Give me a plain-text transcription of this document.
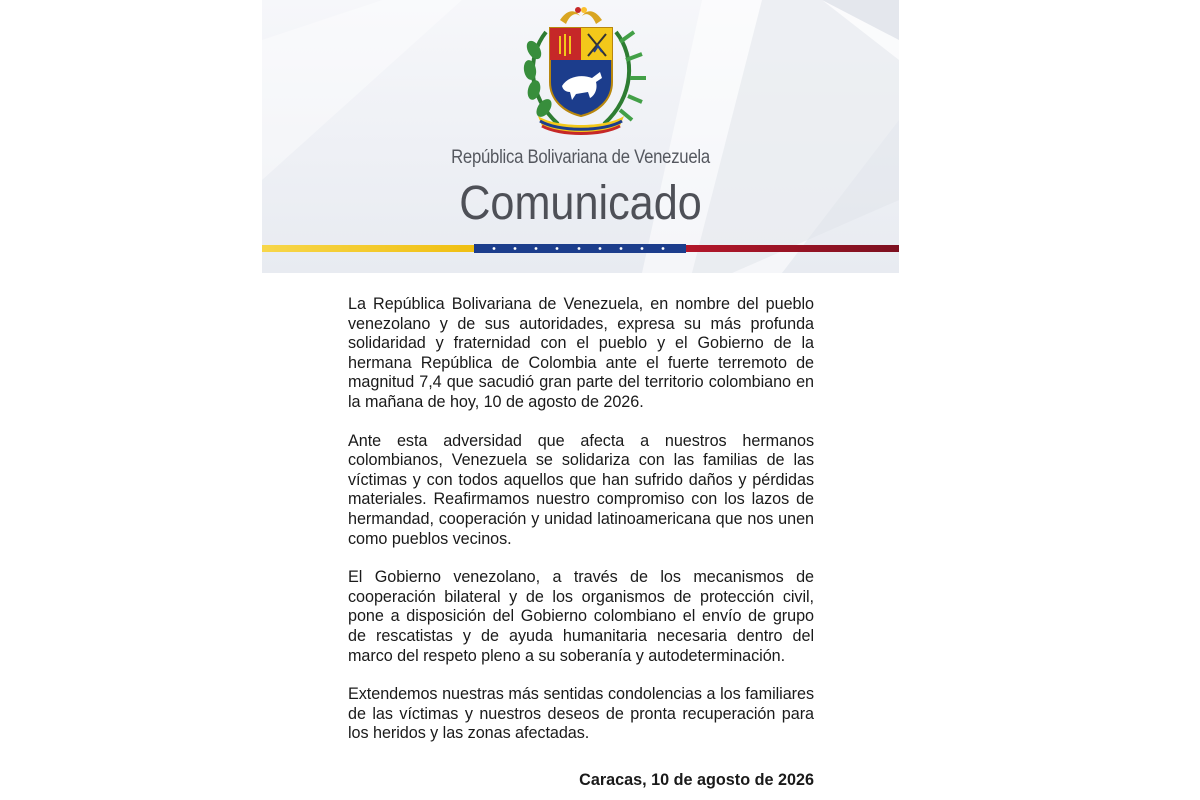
República Bolivariana de Venezuela
Comunicado

La República Bolivariana de Venezuela, en nombre del pueblo venezolano y de sus autoridades, expresa su más profunda solidaridad y fraternidad con el pueblo y el Gobierno de la hermana República de Colombia ante el fuerte terremoto de magnitud 7,4 que sacudió gran parte del territorio colombiano en la mañana de hoy, 10 de agosto de 2026.

Ante esta adversidad que afecta a nuestros hermanos colombianos, Venezuela se solidariza con las familias de las víctimas y con todos aquellos que han sufrido daños y pérdidas materiales. Reafirmamos nuestro compromiso con los lazos de hermandad, cooperación y unidad latinoamericana que nos unen como pueblos vecinos.

El Gobierno venezolano, a través de los mecanismos de cooperación bilateral y de los organismos de protección civil, pone a disposición del Gobierno colombiano el envío de grupo de rescatistas y de ayuda humanitaria necesaria dentro del marco del respeto pleno a su soberanía y autodeterminación.

Extendemos nuestras más sentidas condolencias a los familiares de las víctimas y nuestros deseos de pronta recuperación para los heridos y las zonas afectadas.

Caracas, 10 de agosto de 2026
